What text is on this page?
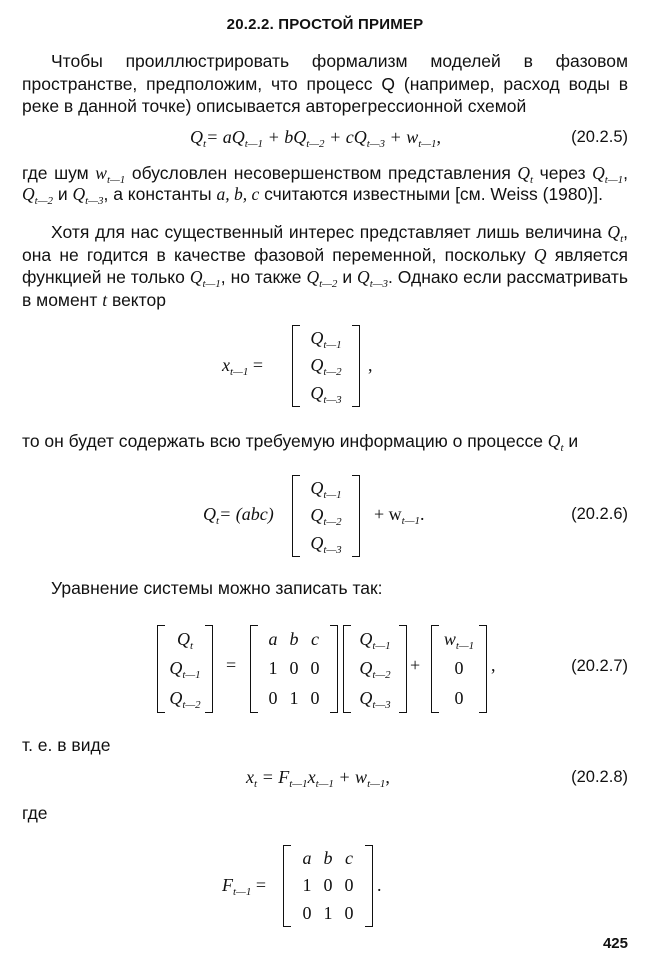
20.2.2. ПРОСТОЙ ПРИМЕР
Чтобы проиллюстрировать формализм моделей в фазовом пространстве, предположим, что процесс Q (например, расход воды в реке в данной точке) описывается авторегрессионной схемой
$Q_t= aQ_{t—1} + bQ_{t—2} + cQ_{t—3} + w_{t—1}$,	(20.2.5)
где шум $w_{t—1}$ обусловлен несовершенством представления $Q_t$ через $Q_{t—1}$, $Q_{t—2}$ и $Q_{t—3}$, а константы a, b, c считаются известными [см. Weiss (1980)].
Хотя для нас существенный интерес представляет лишь величина $Q_t$, она не годится в качестве фазовой переменной, поскольку Q является функцией не только $Q_{t—1}$, но также $Q_{t—2}$ и $Q_{t—3}$. Однако если рассматривать в момент t вектор
$x_{t—1}$ =
$Q_{t—1}$
$Q_{t—2}$
$Q_{t—3}$
,
то он будет содержать всю требуемую информацию о процессе $Q_t$ и
$Q_t= (abc)$
$Q_{t—1}$
$Q_{t—2}$
$Q_{t—3}$
+ $w_{t—1}$.	(20.2.6)
Уравнение системы можно записать так:
$Q_t$
$Q_{t—1}$
$Q_{t—2}$
=
a	b	c
1	0	0
0	1	0
$Q_{t—1}$
$Q_{t—2}$
$Q_{t—3}$
+
$w_{t—1}$
0
0
,	(20.2.7)
т. е. в виде
$x_t = F_{t—1}x_{t—1} + w_{t—1}$,	(20.2.8)
где
$F_{t—1}$ =
a	b	c
1	0	0
0	1	0
.
425
